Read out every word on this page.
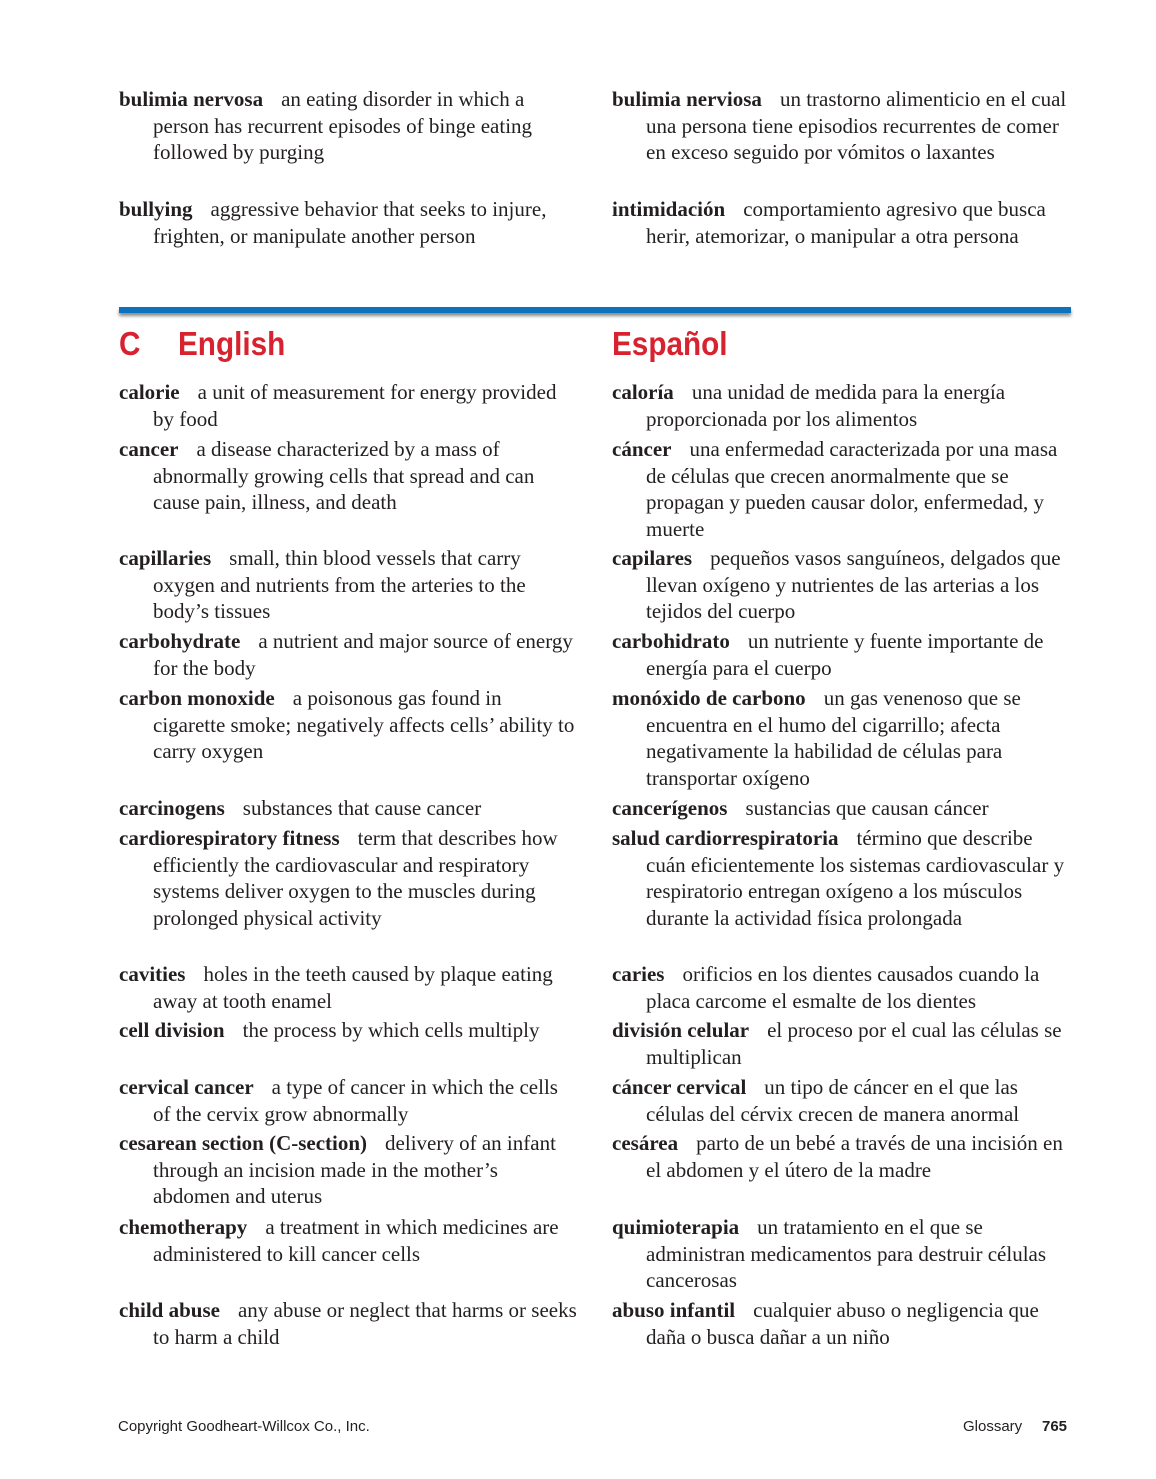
bulimia nervosa an eating disorder in which a person has recurrent episodes of binge eating followed by purging
bulimia nerviosa un trastorno alimenticio en el cual una persona tiene episodios recurrentes de comer en exceso seguido por vómitos o laxantes
bullying aggressive behavior that seeks to injure, frighten, or manipulate another person
intimidación comportamiento agresivo que busca herir, atemorizar, o manipular a otra persona
calorie a unit of measurement for energy provided by food
caloría una unidad de medida para la energía proporcionada por los alimentos
cancer a disease characterized by a mass of abnormally growing cells that spread and can cause pain, illness, and death
cáncer una enfermedad caracterizada por una masa de células que crecen anormalmente que se propagan y pueden causar dolor, enfermedad, y muerte
capillaries small, thin blood vessels that carry oxygen and nutrients from the arteries to the body’s tissues
capilares pequeños vasos sanguíneos, delgados que llevan oxígeno y nutrientes de las arterias a los tejidos del cuerpo
carbohydrate a nutrient and major source of energy for the body
carbohidrato un nutriente y fuente importante de energía para el cuerpo
carbon monoxide a poisonous gas found in cigarette smoke; negatively affects cells’ ability to carry oxygen
monóxido de carbono un gas venenoso que se encuentra en el humo del cigarrillo; afecta negativamente la habilidad de células para transportar oxígeno
carcinogens substances that cause cancer	cancerígenos sustancias que causan cáncer
cardiorespiratory fitness term that describes how efficiently the cardiovascular and respiratory systems deliver oxygen to the muscles during prolonged physical activity
salud cardiorrespiratoria término que describe cuán eficientemente los sistemas cardiovascular y respiratorio entregan oxígeno a los músculos durante la actividad física prolongada
cavities holes in the teeth caused by plaque eating away at tooth enamel
caries orificios en los dientes causados cuando la placa carcome el esmalte de los dientes
cell division the process by which cells multiply	división celular el proceso por el cual las células se multiplican
cervical cancer a type of cancer in which the cells of the cervix grow abnormally
cáncer cervical un tipo de cáncer en el que las células del cérvix crecen de manera anormal
cesarean section (C-section) delivery of an infant through an incision made in the mother’s abdomen and uterus
cesárea parto de un bebé a través de una incisión en el abdomen y el útero de la madre
chemotherapy a treatment in which medicines are administered to kill cancer cells
quimioterapia un tratamiento en el que se administran medicamentos para destruir células cancerosas
child abuse any abuse or neglect that harms or seeks to harm a child
abuso infantil cualquier abuso o negligencia que daña o busca dañar a un niño
C English	Español
Copyright Goodheart-Willcox Co., Inc.	Glossary 765
